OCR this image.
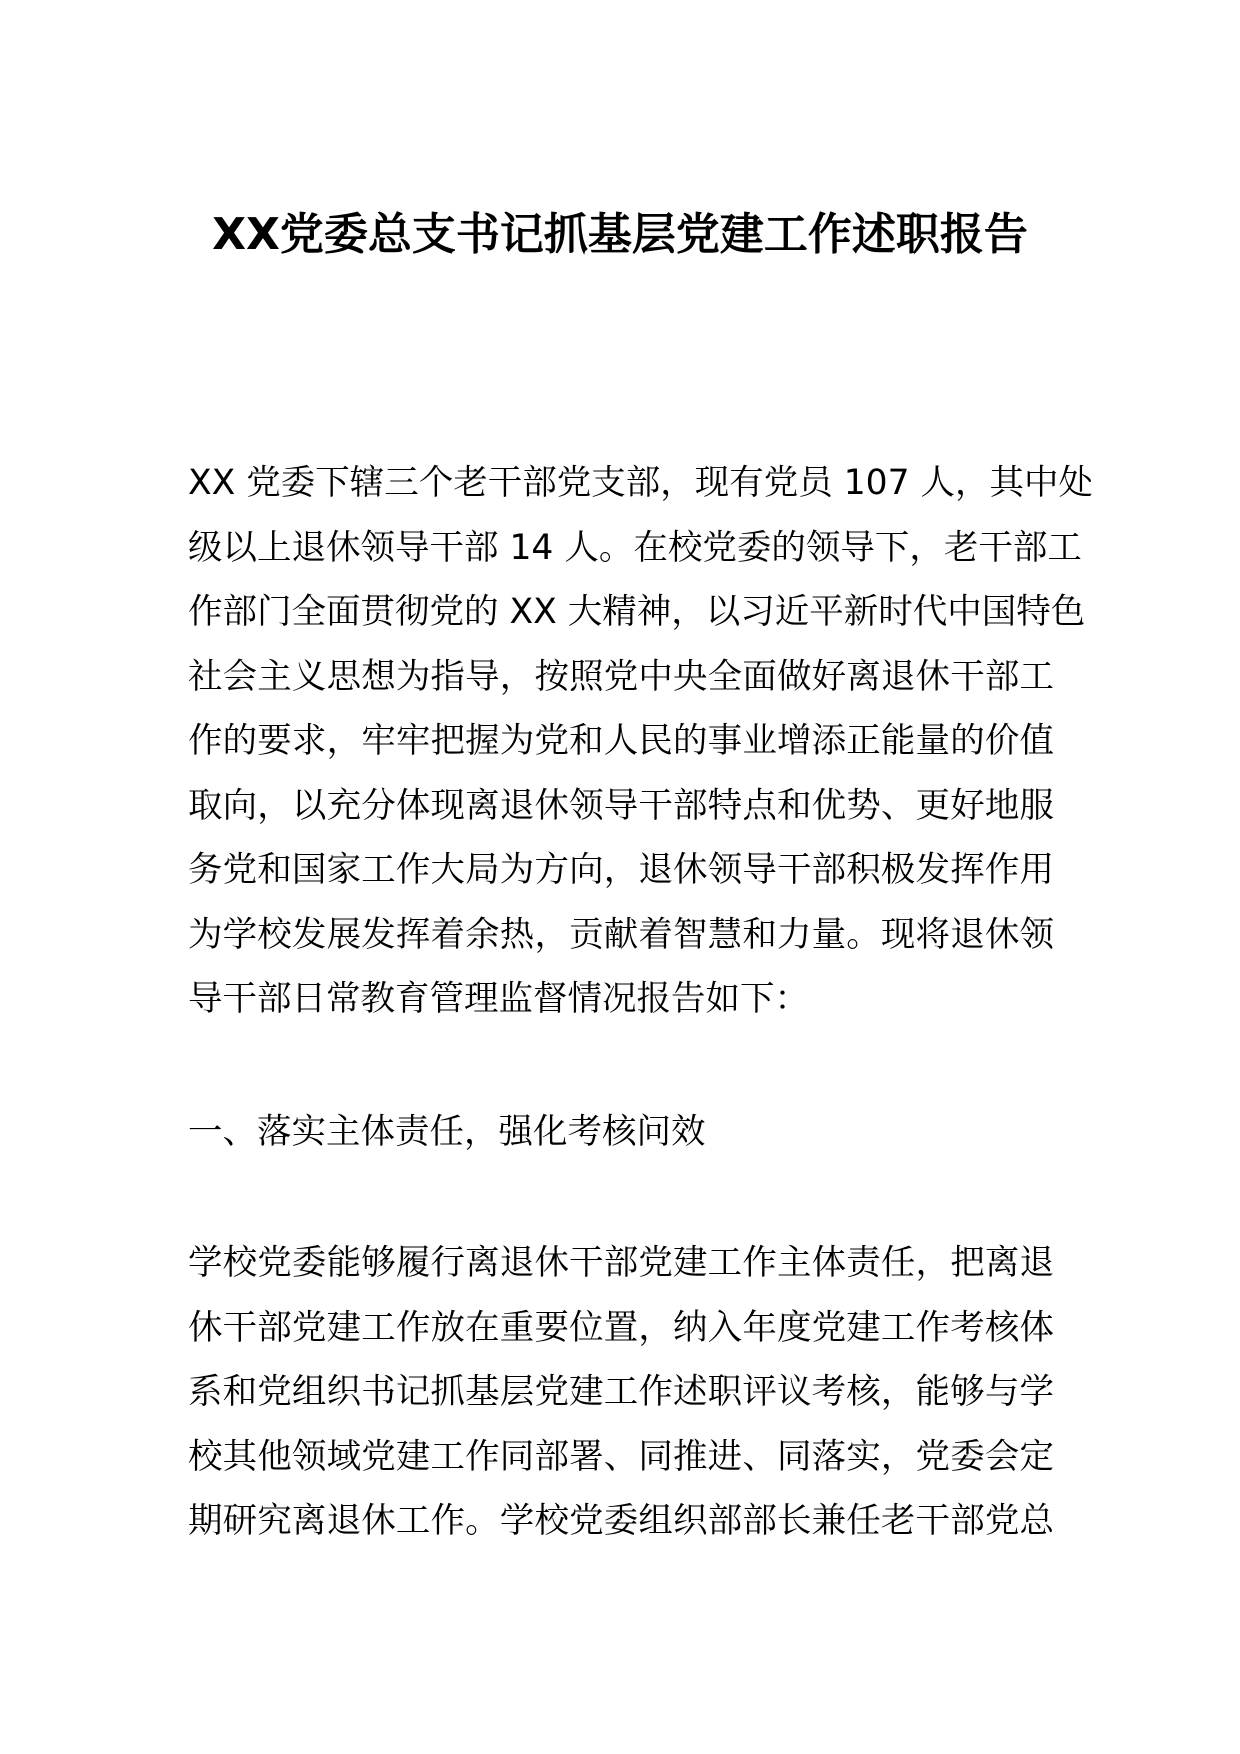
XX党委总支书记抓基层党建工作述职报告

XX 党委下辖三个老干部党支部，现有党员 107 人，其中处
级以上退休领导干部 14 人。在校党委的领导下，老干部工
作部门全面贯彻党的 XX 大精神，以习近平新时代中国特色
社会主义思想为指导，按照党中央全面做好离退休干部工
作的要求，牢牢把握为党和人民的事业增添正能量的价值
取向，以充分体现离退休领导干部特点和优势、更好地服
务党和国家工作大局为方向，退休领导干部积极发挥作用
为学校发展发挥着余热，贡献着智慧和力量。现将退休领
导干部日常教育管理监督情况报告如下：

一、落实主体责任，强化考核问效

学校党委能够履行离退休干部党建工作主体责任，把离退
休干部党建工作放在重要位置，纳入年度党建工作考核体
系和党组织书记抓基层党建工作述职评议考核，能够与学
校其他领域党建工作同部署、同推进、同落实，党委会定
期研究离退休工作。学校党委组织部部长兼任老干部党总
